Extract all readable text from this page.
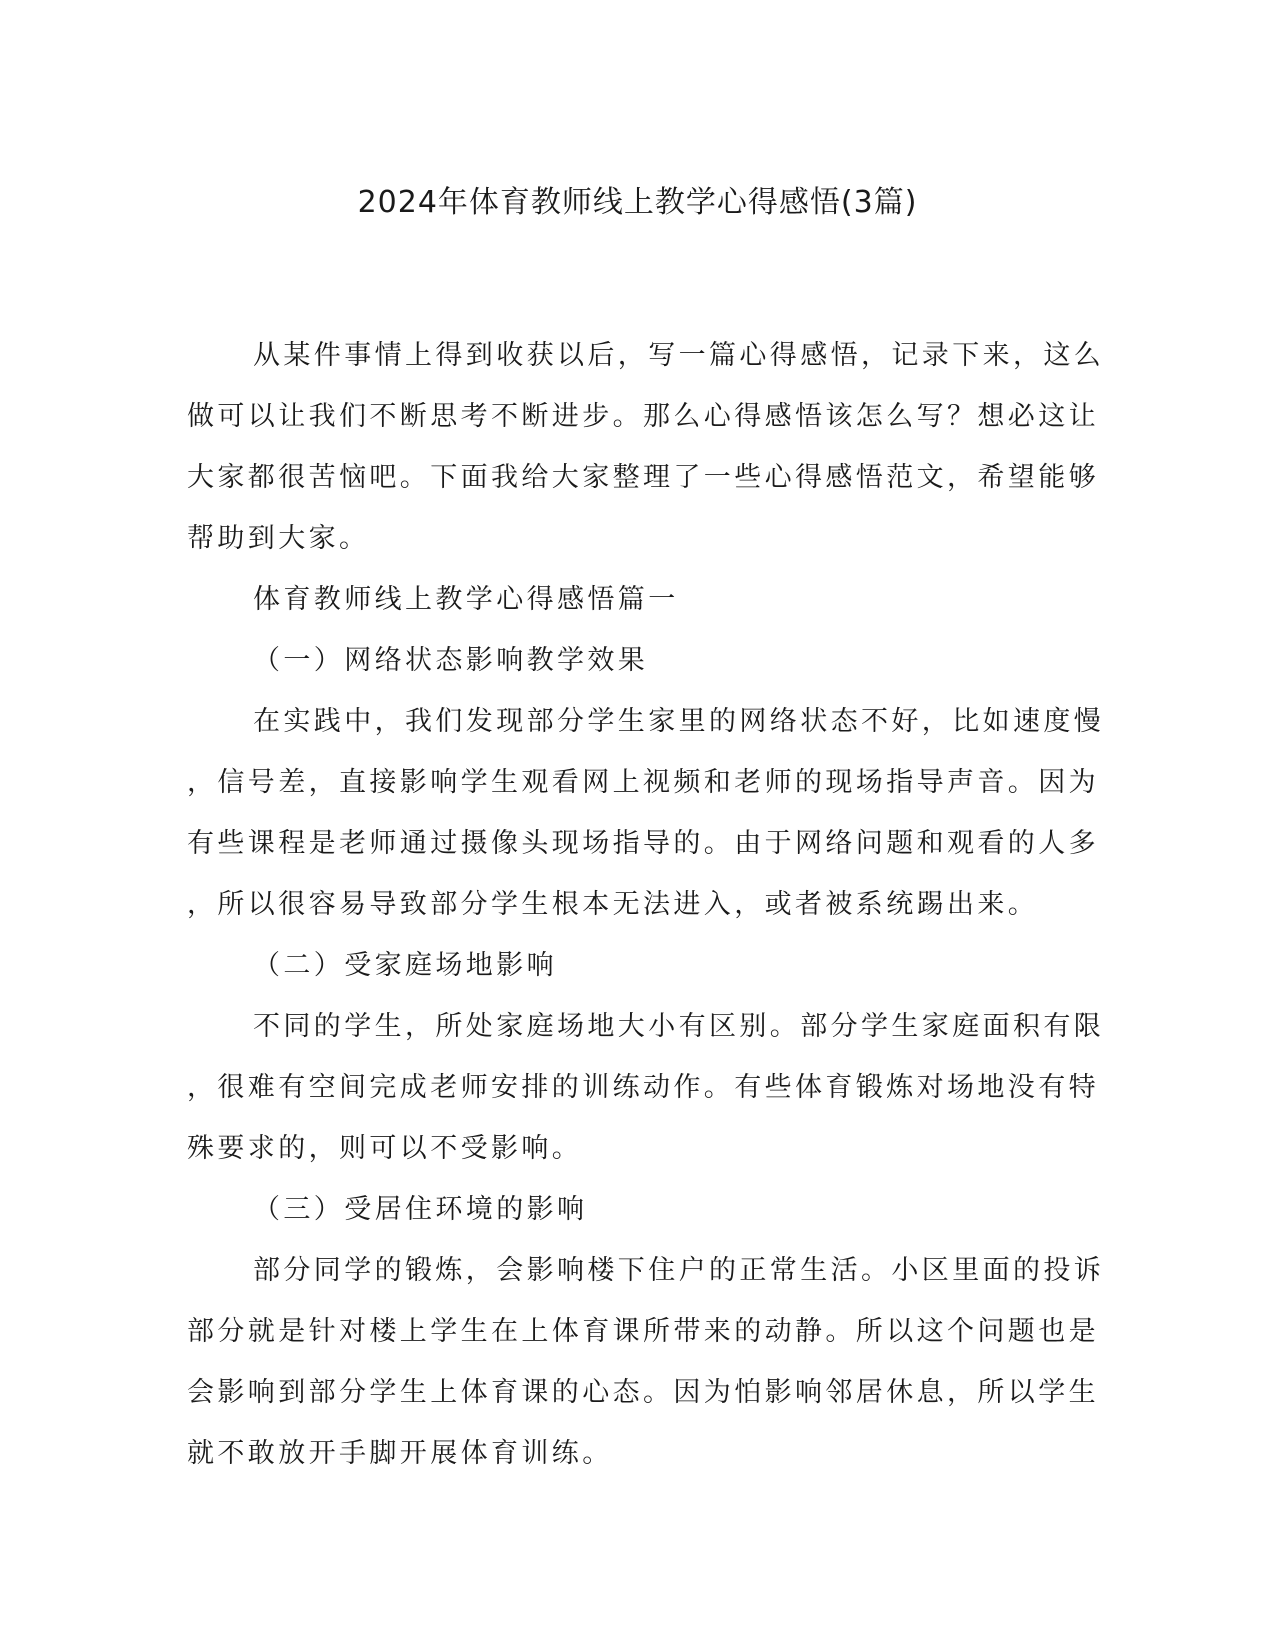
2024年体育教师线上教学心得感悟(3篇)
从某件事情上得到收获以后，写一篇心得感悟，记录下来，这么
做可以让我们不断思考不断进步。那么心得感悟该怎么写？想必这让
大家都很苦恼吧。下面我给大家整理了一些心得感悟范文，希望能够
帮助到大家。
体育教师线上教学心得感悟篇一
（一）网络状态影响教学效果
在实践中，我们发现部分学生家里的网络状态不好，比如速度慢
，信号差，直接影响学生观看网上视频和老师的现场指导声音。因为
有些课程是老师通过摄像头现场指导的。由于网络问题和观看的人多
，所以很容易导致部分学生根本无法进入，或者被系统踢出来。
（二）受家庭场地影响
不同的学生，所处家庭场地大小有区别。部分学生家庭面积有限
，很难有空间完成老师安排的训练动作。有些体育锻炼对场地没有特
殊要求的，则可以不受影响。
（三）受居住环境的影响
部分同学的锻炼，会影响楼下住户的正常生活。小区里面的投诉
部分就是针对楼上学生在上体育课所带来的动静。所以这个问题也是
会影响到部分学生上体育课的心态。因为怕影响邻居休息，所以学生
就不敢放开手脚开展体育训练。
